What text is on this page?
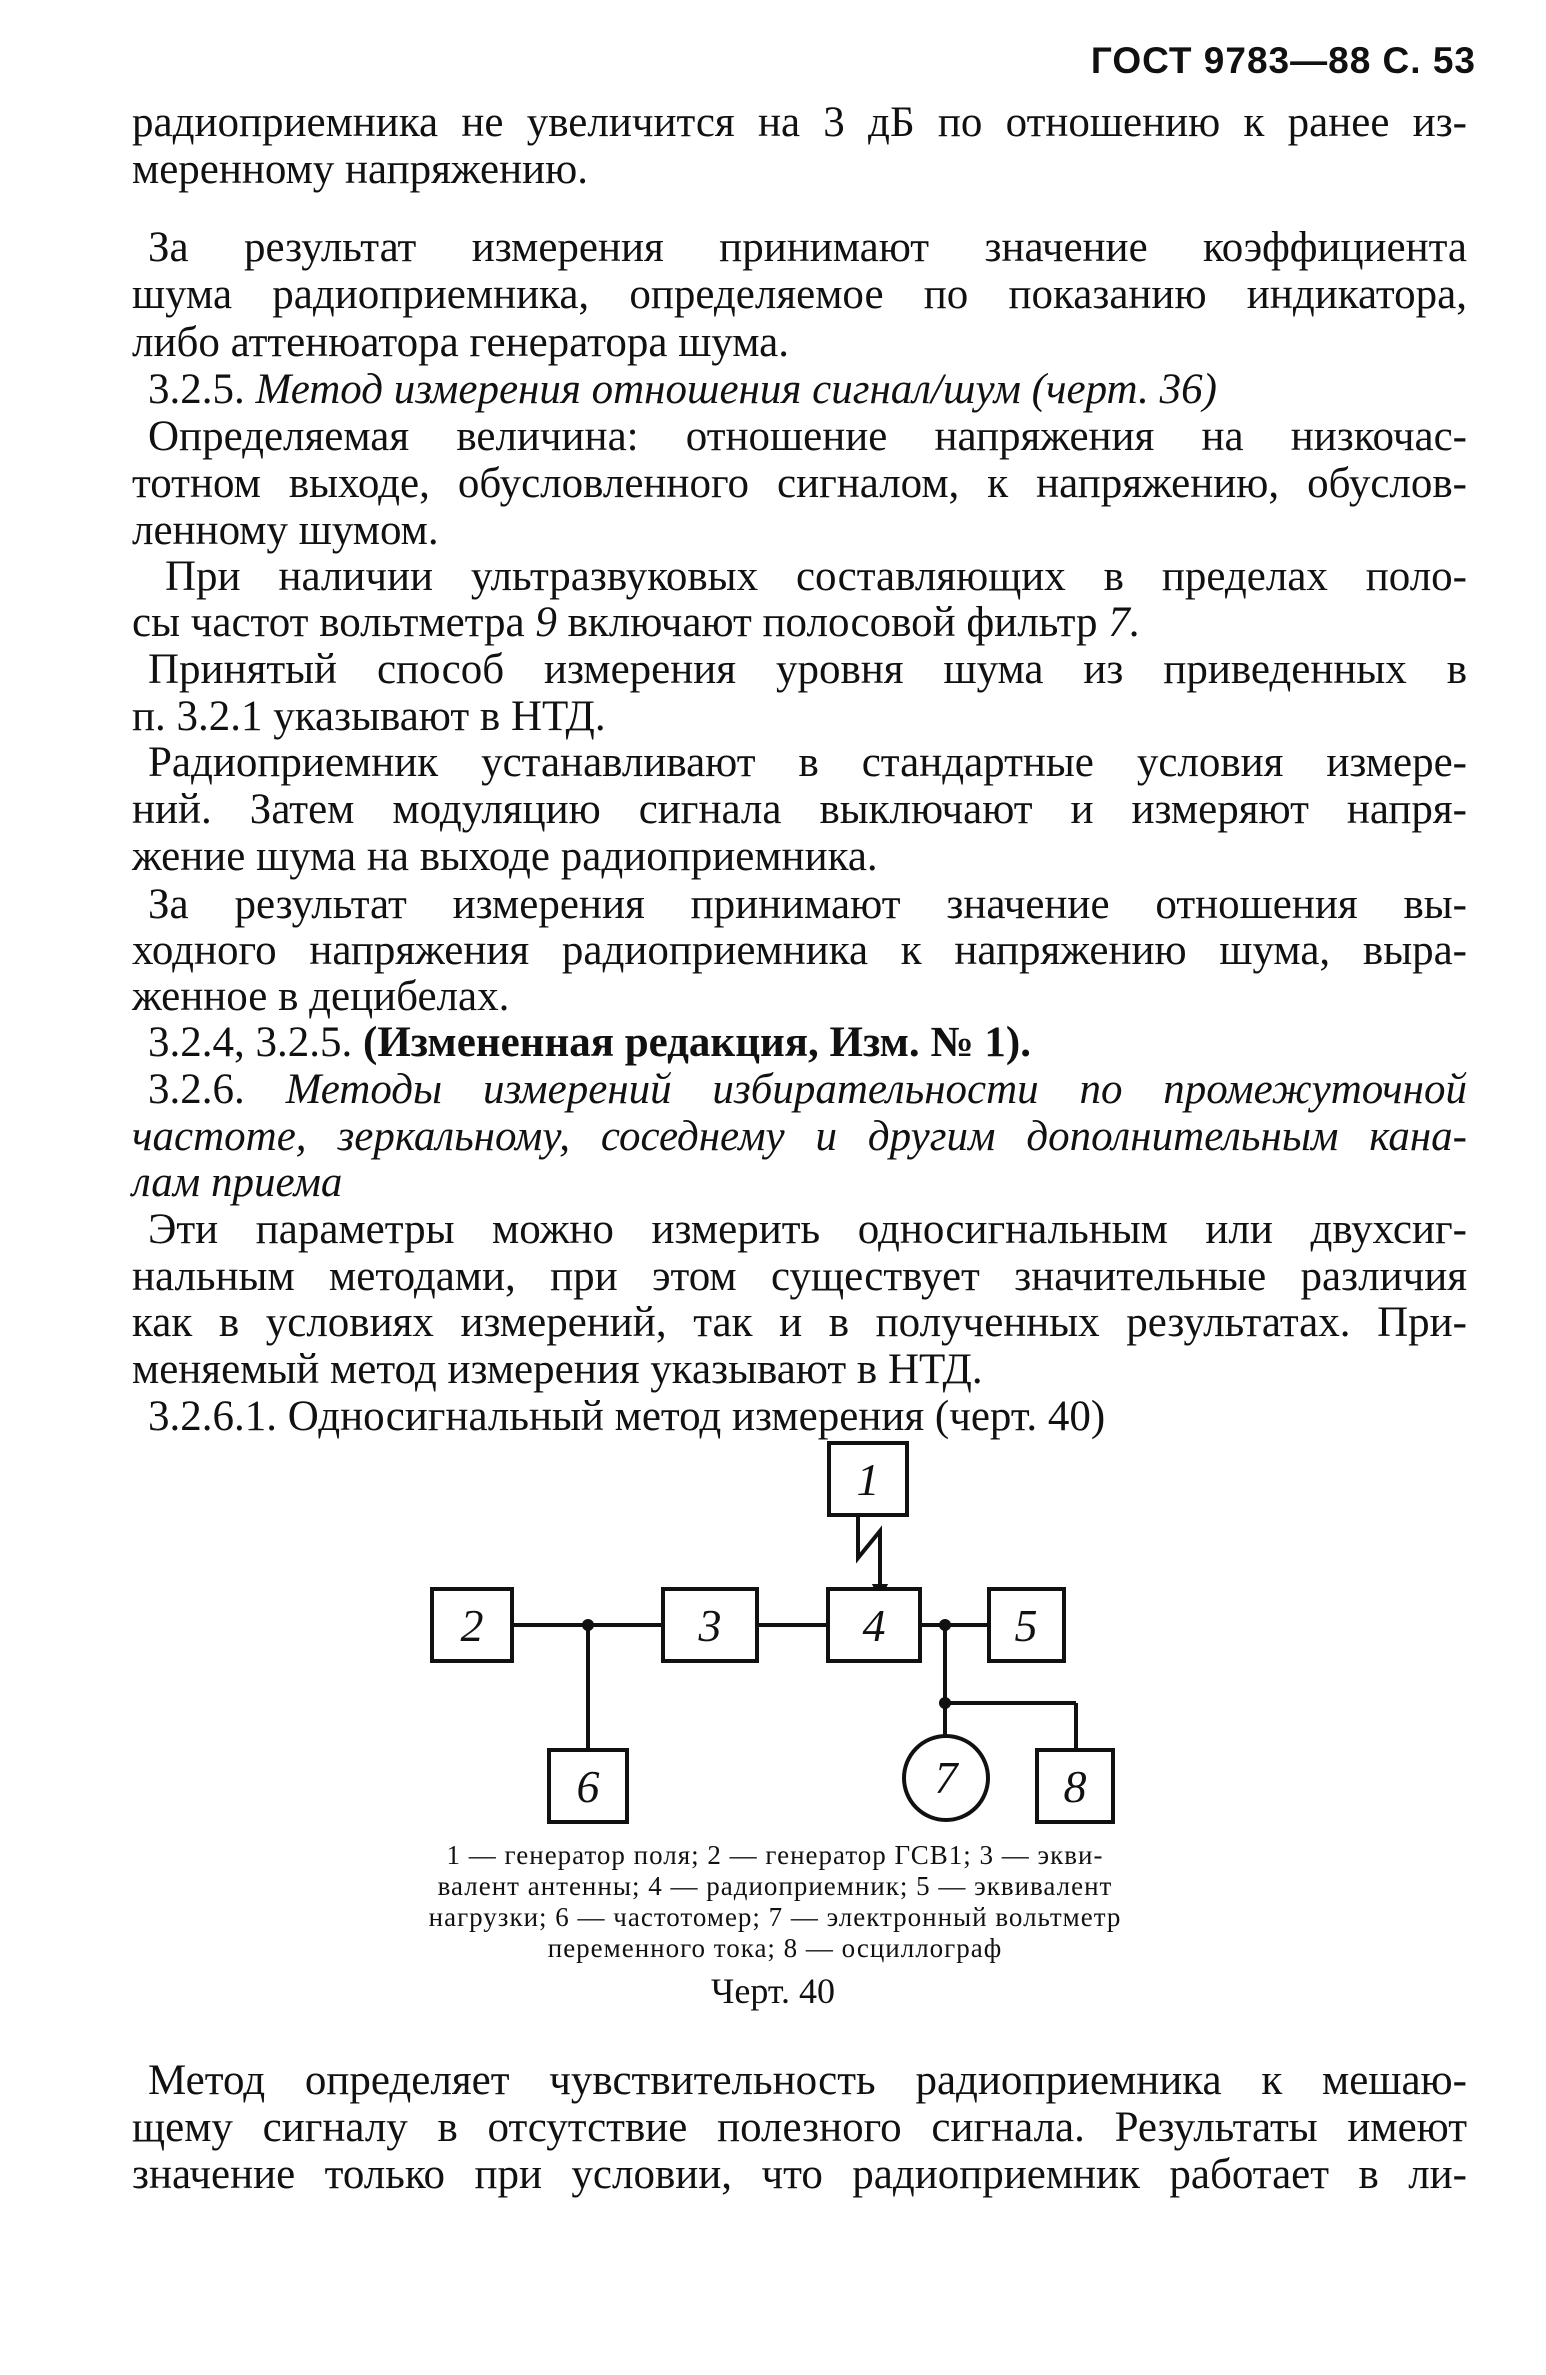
ГОСТ 9783—88 С. 53
радиоприемника не увеличится на 3 дБ по отношению к ранее из-
меренному напряжению.
За результат измерения принимают значение коэффициента
шума радиоприемника, определяемое по показанию индикатора,
либо аттенюатора генератора шума.
3.2.5. Метод измерения отношения сигнал/шум (черт. 36)
Определяемая величина: отношение напряжения на низкочас-
тотном выходе, обусловленного сигналом, к напряжению, обуслов-
ленному шумом.
При наличии ультразвуковых составляющих в пределах поло-
сы частот вольтметра 9 включают полосовой фильтр 7.
Принятый способ измерения уровня шума из приведенных в
п. 3.2.1 указывают в НТД.
Радиоприемник устанавливают в стандартные условия измере-
ний. Затем модуляцию сигнала выключают и измеряют напря-
жение шума на выходе радиоприемника.
За результат измерения принимают значение отношения вы-
ходного напряжения радиоприемника к напряжению шума, выра-
женное в децибелах.
3.2.4, 3.2.5. (Измененная редакция, Изм. № 1).
3.2.6. Методы измерений избирательности по промежуточной
частоте, зеркальному, соседнему и другим дополнительным кана-
лам приема
Эти параметры можно измерить односигнальным или двухсиг-
нальным методами, при этом существует значительные различия
как в условиях измерений, так и в полученных результатах. При-
меняемый метод измерения указывают в НТД.
3.2.6.1. Односигнальный метод измерения (черт. 40)
1
2	3	4	5
6	7 8
1 — генератор поля; 2 — генератор ГСВ1; 3 — экви-
валент антенны; 4 — радиоприемник; 5 — эквивалент
нагрузки; 6 — частотомер; 7 — электронный вольтметр
переменного тока; 8 — осциллограф
Черт. 40
Метод определяет чувствительность радиоприемника к мешаю-
щему сигналу в отсутствие полезного сигнала. Результаты имеют
значение только при условии, что радиоприемник работает в ли-
